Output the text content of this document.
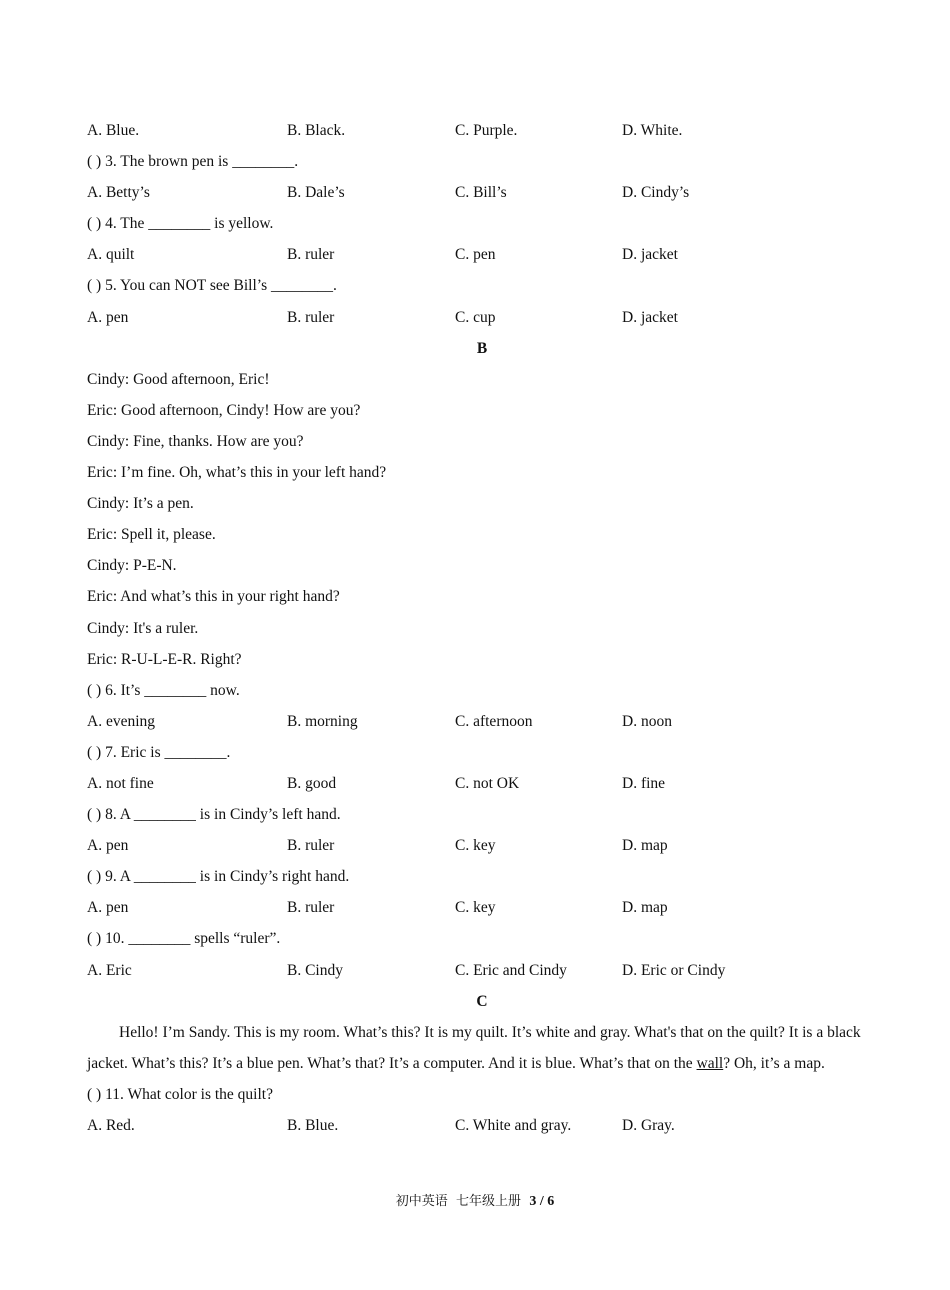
A. Blue.	B. Black.	C. Purple.	D. White.
( ) 3. The brown pen is ________.
A. Betty’s	B. Dale’s	C. Bill’s	D. Cindy’s
( ) 4. The ________ is yellow.
A. quilt	B. ruler	C. pen	D. jacket
( ) 5. You can NOT see Bill’s ________.
A. pen	B. ruler	C. cup	D. jacket
B
Cindy: Good afternoon, Eric!
Eric: Good afternoon, Cindy! How are you?
Cindy: Fine, thanks. How are you?
Eric: I’m fine. Oh, what’s this in your left hand?
Cindy: It’s a pen.
Eric: Spell it, please.
Cindy: P-E-N.
Eric: And what’s this in your right hand?
Cindy: It's a ruler.
Eric: R-U-L-E-R. Right?
( ) 6. It’s ________ now.
A. evening	B. morning	C. afternoon	D. noon
( ) 7. Eric is ________.
A. not fine	B. good	C. not OK	D. fine
( ) 8. A ________ is in Cindy’s left hand.
A. pen	B. ruler	C. key	D. map
( ) 9. A ________ is in Cindy’s right hand.
A. pen	B. ruler	C. key	D. map
( ) 10. ________ spells “ruler”.
A. Eric	B. Cindy	C. Eric and Cindy	D. Eric or Cindy
C
Hello! I’m Sandy. This is my room. What’s this? It is my quilt. It’s white and gray. What's that on the quilt? It is a black jacket. What’s this? It’s a blue pen. What’s that? It’s a computer. And it is blue. What’s that on the wall? Oh, it’s a map.
( ) 11. What color is the quilt?
A. Red.	B. Blue.	C. White and gray.	D. Gray.
初中英语  七年级上册  3 / 6
